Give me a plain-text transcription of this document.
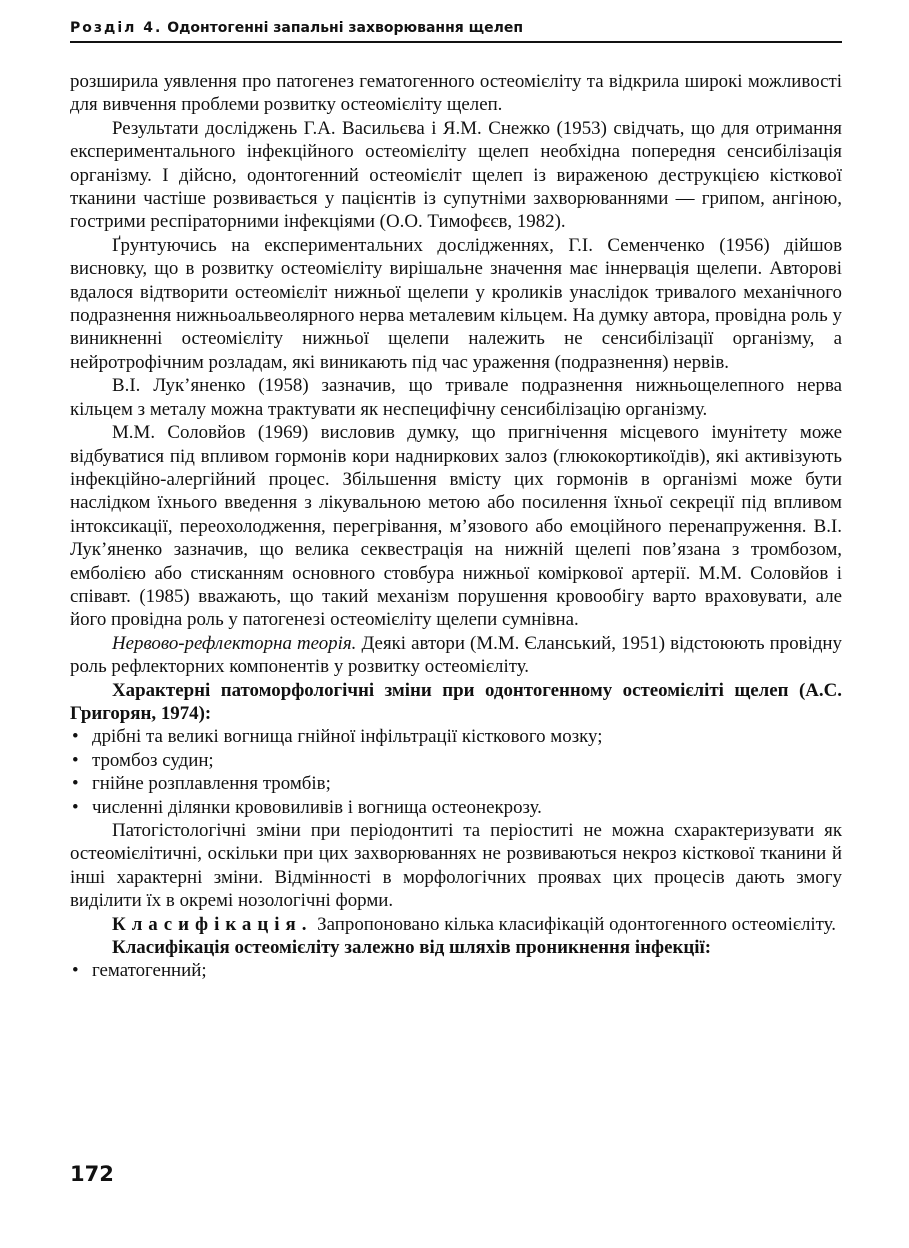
Розділ 4. Одонтогенні запальні захворювання щелеп

розширила уявлення про патогенез гематогенного остеомієліту та відкрила широкі можливості для вивчення проблеми розвитку остеомієліту щелеп.

Результати досліджень Г.А. Васильєва і Я.М. Снежко (1953) свідчать, що для отримання експериментального інфекційного остеомієліту щелеп необхідна попередня сенсибілізація організму. І дійсно, одонтогенний остеомієліт щелеп із вираженою деструкцією кісткової тканини частіше розвивається у пацієнтів із супутніми захворюваннями — грипом, ангіною, гострими респіраторними інфекціями (О.О. Тимофєєв, 1982).

Ґрунтуючись на експериментальних дослідженнях, Г.І. Семенченко (1956) дійшов висновку, що в розвитку остеомієліту вирішальне значення має іннервація щелепи. Авторові вдалося відтворити остеомієліт нижньої щелепи у кроликів унаслідок тривалого механічного подразнення нижньоальвеолярного нерва металевим кільцем. На думку автора, провідна роль у виникненні остеомієліту нижньої щелепи належить не сенсибілізації організму, а нейротрофічним розладам, які виникають під час ураження (подразнення) нервів.

В.І. Лук’яненко (1958) зазначив, що тривале подразнення нижньощелепного нерва кільцем з металу можна трактувати як неспецифічну сенсибілізацію організму.

М.М. Соловйов (1969) висловив думку, що пригнічення місцевого імунітету може відбуватися під впливом гормонів кори надниркових залоз (глюкокортикоїдів), які активізують інфекційно-алергійний процес. Збільшення вмісту цих гормонів в організмі може бути наслідком їхнього введення з лікувальною метою або посилення їхньої секреції під впливом інтоксикації, переохолодження, перегрівання, м’язового або емоційного перенапруження. В.І. Лук’яненко зазначив, що велика секвестрація на нижній щелепі пов’язана з тромбозом, емболією або стисканням основного стовбура нижньої коміркової артерії. М.М. Соловйов і співавт. (1985) вважають, що такий механізм порушення кровообігу варто враховувати, але його провідна роль у патогенезі остеомієліту щелепи сумнівна.

Нервово-рефлекторна теорія. Деякі автори (М.М. Єланський, 1951) відстоюють провідну роль рефлекторних компонентів у розвитку остеомієліту.

Характерні патоморфологічні зміни при одонтогенному остеомієліті щелеп (А.С. Григорян, 1974):

• дрібні та великі вогнища гнійної інфільтрації кісткового мозку;

• тромбоз судин;

• гнійне розплавлення тромбів;

• численні ділянки крововиливів і вогнища остеонекрозу.

Патогістологічні зміни при періодонтиті та періоститі не можна схарактеризувати як остеомієлітичні, оскільки при цих захворюваннях не розвиваються некроз кісткової тканини й інші характерні зміни. Відмінності в морфологічних проявах цих процесів дають змогу виділити їх в окремі нозологічні форми.

Класифікація. Запропоновано кілька класифікацій одонтогенного остеомієліту.

Класифікація остеомієліту залежно від шляхів проникнення інфекції:

• гематогенний;

172
